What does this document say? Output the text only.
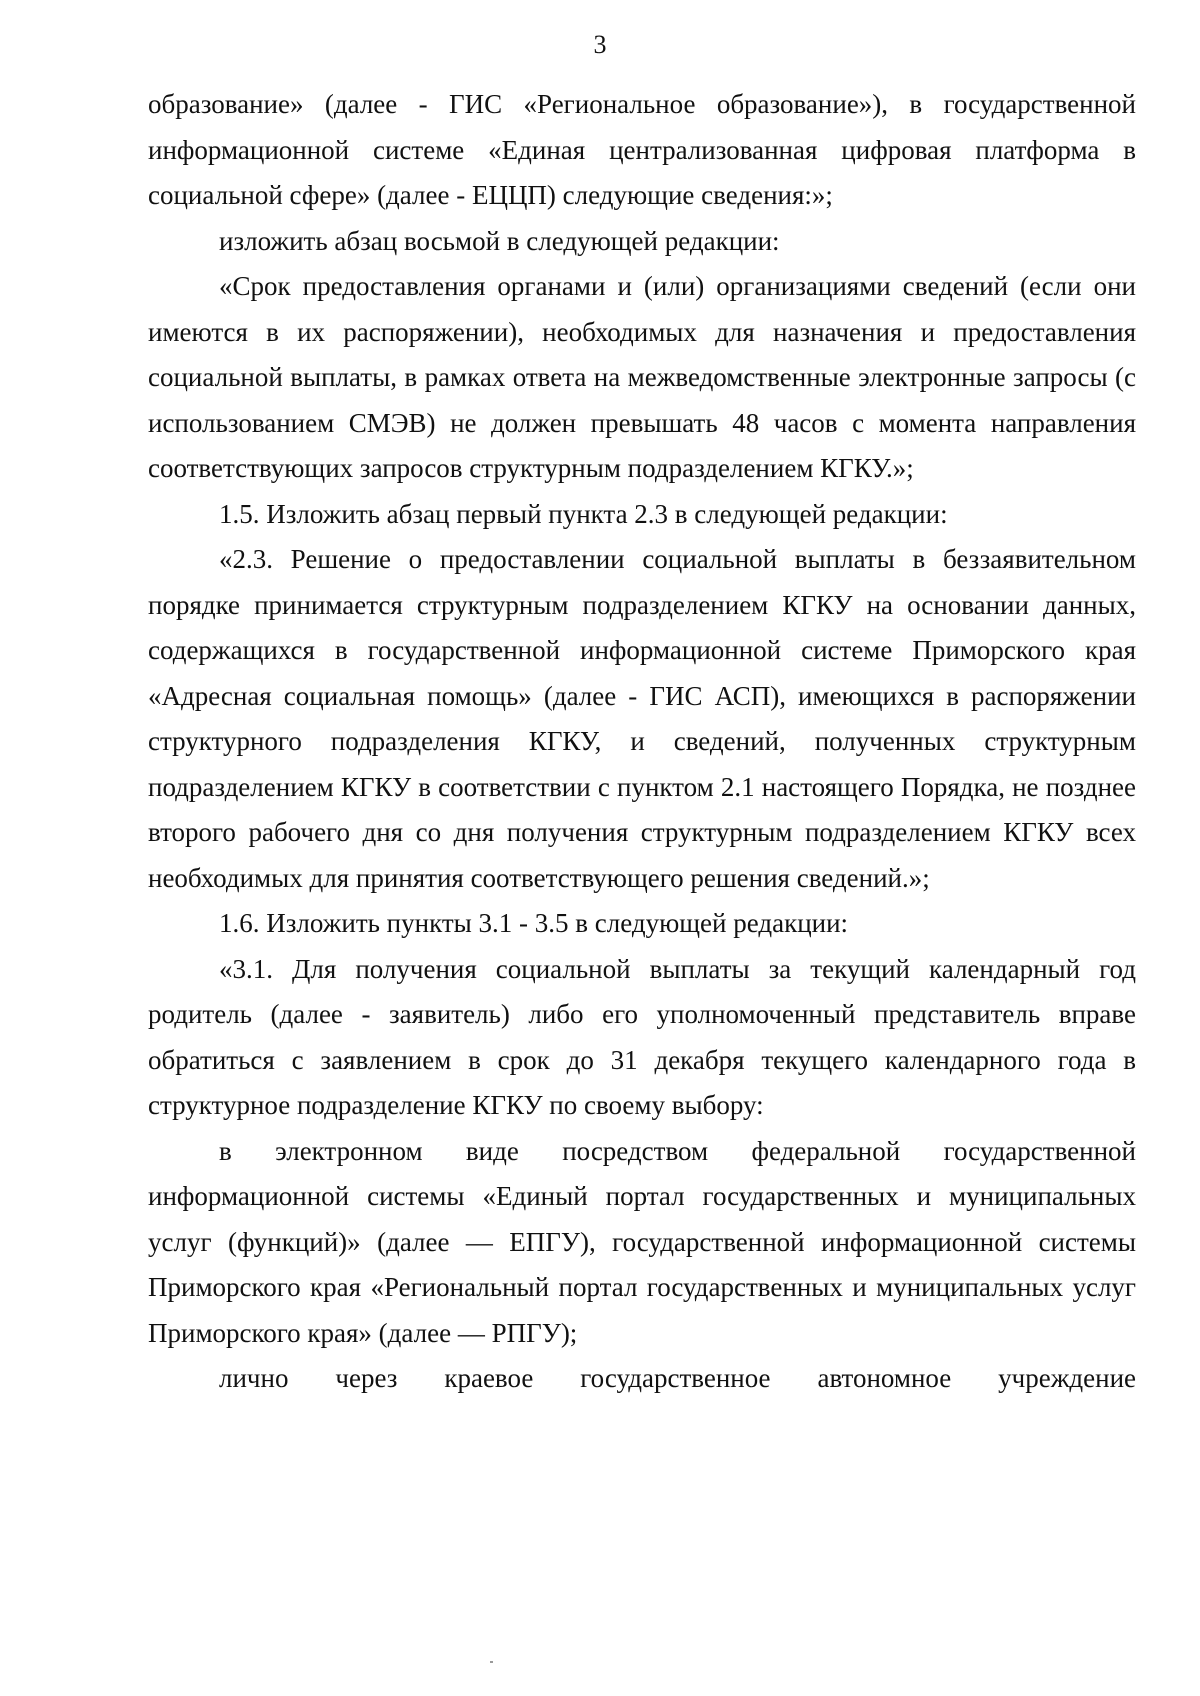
3

образование» (далее - ГИС «Региональное образование»), в государственной информационной системе «Единая централизованная цифровая платформа в социальной сфере» (далее - ЕЦЦП) следующие сведения:»;

изложить абзац восьмой в следующей редакции:

«Срок предоставления органами и (или) организациями сведений (если они имеются в их распоряжении), необходимых для назначения и предоставления социальной выплаты, в рамках ответа на межведомственные электронные запросы (с использованием СМЭВ) не должен превышать 48 часов с момента направления соответствующих запросов структурным подразделением КГКУ.»;

1.5. Изложить абзац первый пункта 2.3 в следующей редакции:

«2.3. Решение о предоставлении социальной выплаты в беззаявительном порядке принимается структурным подразделением КГКУ на основании данных, содержащихся в государственной информационной системе Приморского края «Адресная социальная помощь» (далее - ГИС АСП), имеющихся в распоряжении структурного подразделения КГКУ, и сведений, полученных структурным подразделением КГКУ в соответствии с пунктом 2.1 настоящего Порядка, не позднее второго рабочего дня со дня получения структурным подразделением КГКУ всех необходимых для принятия соответствующего решения сведений.»;

1.6. Изложить пункты 3.1 - 3.5 в следующей редакции:

«3.1. Для получения социальной выплаты за текущий календарный год родитель (далее - заявитель) либо его уполномоченный представитель вправе обратиться с заявлением в срок до 31 декабря текущего календарного года в структурное подразделение КГКУ по своему выбору:

в электронном виде посредством федеральной государственной информационной системы «Единый портал государственных и муниципальных услуг (функций)» (далее — ЕПГУ), государственной информационной системы Приморского края «Региональный портал государственных и муниципальных услуг Приморского края» (далее — РПГУ);

лично через краевое государственное автономное учреждение
